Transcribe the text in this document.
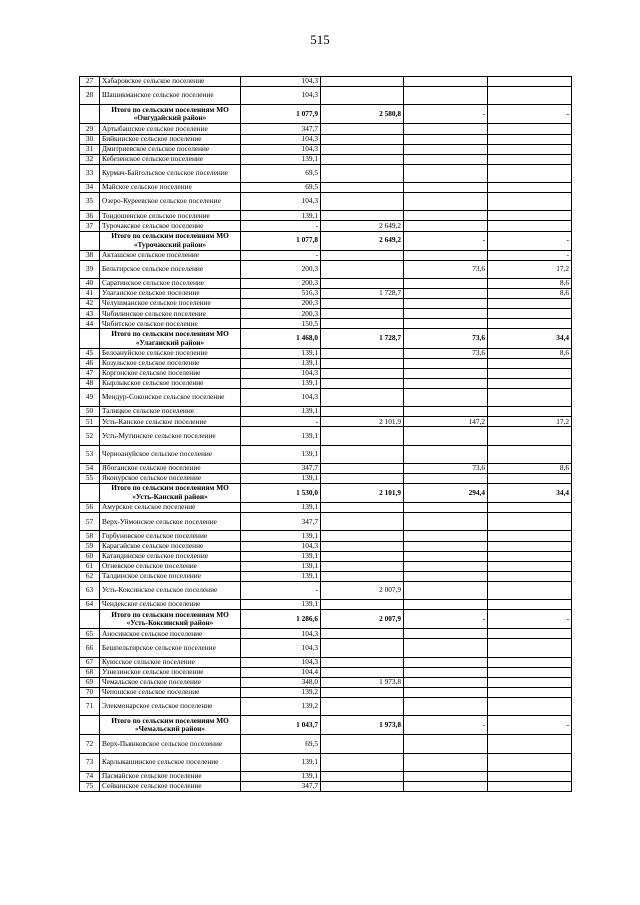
515
27	Хабаровское сельское поселение	104,3			
28	Шашикманское сельское поселение	104,3			
	Итого по сельским поселениям МО «Онгудайский район»	1 077,9	2 580,8	-	-
29	Артыбашское сельское поселение	347,7			
30	Бийкинское сельское поселение	104,3			
31	Дмитриевское сельское поселение	104,3			
32	Кебезенское сельское поселение	139,1			
33	Курмач-Байгольское сельское поселение	69,5			
34	Майское сельское поселение	69,5			
35	Озеро-Куреевское сельское поселение	104,3			
36	Тондошенское сельское поселение	139,1			
37	Турочакское сельское поселение	-	2 649,2		
	Итого по сельским поселениям МО «Турочакский район»	1 077,8	2 649,2	-	-
38	Акташское сельское поселение	-			-
39	Бельтирское сельское поселение	200,3		73,6	17,2
40	Саратинское сельское поселение	200,3			8,6
41	Улаганское сельское поселение	516,3	1 728,7		8,6
42	Челушманское сельское поселение	200,3			
43	Чибилинское сельское поселение	200,3			
44	Чибитское сельское поселение	150,5			
	Итого по сельским поселениям МО «Улаганский район»	1 468,0	1 728,7	73,6	34,4
45	Белоануйское сельское поселение	139,1		73,6	8,6
46	Козульское сельское поселение	139,1			
47	Коргонское сельское поселение	104,3			
48	Кырлыкское сельское поселение	139,1			
49	Мендур-Соконское сельское поселение	104,3			
50	Талицкое сельское поселение	139,1			
51	Усть-Канское сельское поселение	-	2 101,9	147,2	17,2
52	Усть-Мутинское сельское поселение	139,1			
53	Черноануйское сельское поселение	139,1			
54	Ябоганское сельское поселение	347,7		73,6	8,6
55	Яконурское сельское поселение	139,1			
	Итого по сельским поселениям МО «Усть-Канский район»	1 530,0	2 101,9	294,4	34,4
56	Амурское сельское поселение	139,1			
57	Верх-Уймонское сельское поселение	347,7			
58	Горбуновское сельское поселение	139,1			
59	Карагайское сельское поселение	104,3			
60	Катандинское сельское поселение	139,1			
61	Огневское сельское поселение	139,1			
62	Талдинское сельское поселение	139,1			
63	Усть-Коксинское сельское поселение	-	2 007,9		
64	Чендекское сельское поселение	139,1			
	Итого по сельским поселениям МО «Усть-Коксинский район»	1 286,6	2 007,9	-	-
65	Аносинское сельское поселение	104,3			
66	Бешпельтирское сельское поселение	104,3			
67	Куюсское сельское поселение	104,3			
68	Узнезинское сельское поселение	104,4			
69	Чемальское сельское поселение	348,0	1 973,8		
70	Чепошское сельское поселение	139,2			
71	Элекмонарское сельское поселение	139,2			
	Итого по сельским поселениям МО «Чемальский район»	1 043,7	1 973,8	-	-
72	Верх-Пьянковское сельское поселение	69,5			
73	Карлыкашинское сельское поселение	139,1			
74	Пасмайское сельское поселение	139,1			
75	Сейкинское сельское поселение	347,7			
